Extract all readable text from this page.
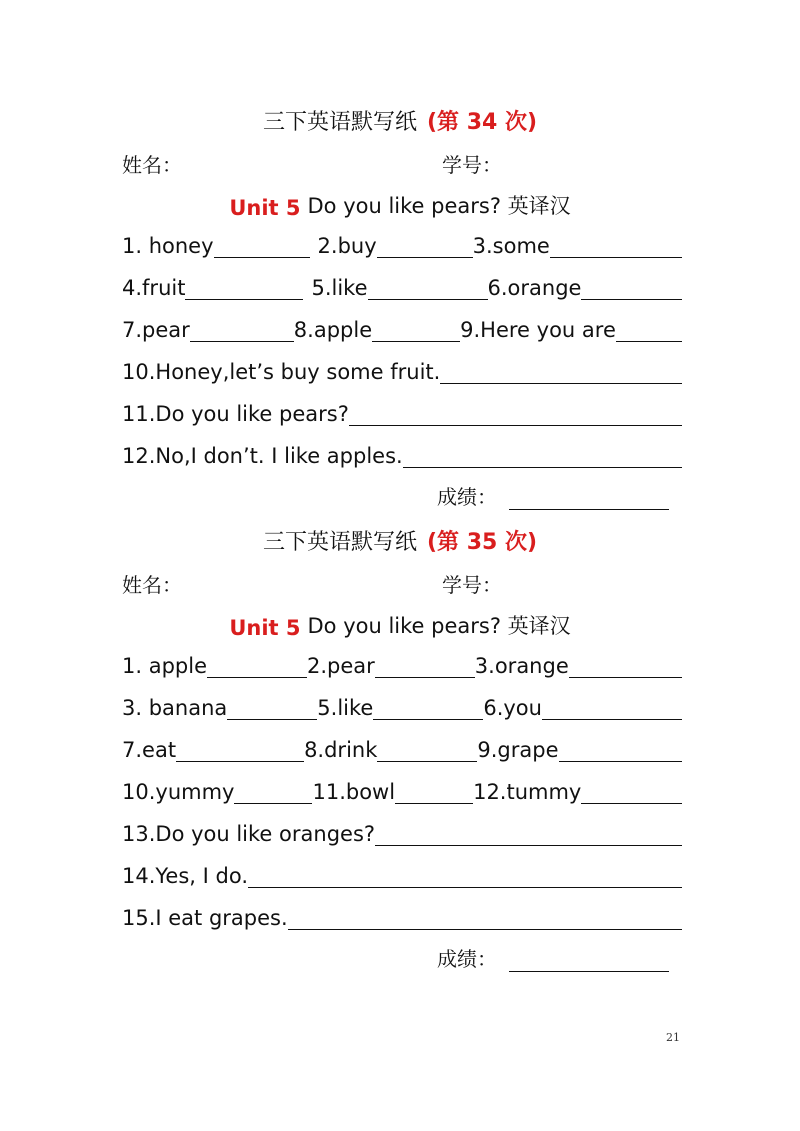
三下英语默写纸 (第 34 次)
姓名：	学号：
Unit 5 Do you like pears? 英译汉
1. honey	2.buy	3.some
4.fruit	5.like	6.orange
7.pear	8.apple	9.Here you are
10.Honey,let’s buy some fruit.
11.Do you like pears?
12.No,I don’t. I like apples.
成绩：
三下英语默写纸 (第 35 次)
姓名：	学号：
Unit 5 Do you like pears? 英译汉
1. apple	2.pear	3.orange
3. banana	5.like	6.you
7.eat	8.drink	9.grape
10.yummy	11.bowl	12.tummy
13.Do you like oranges?
14.Yes, I do.
15.I eat grapes.
成绩：
21
